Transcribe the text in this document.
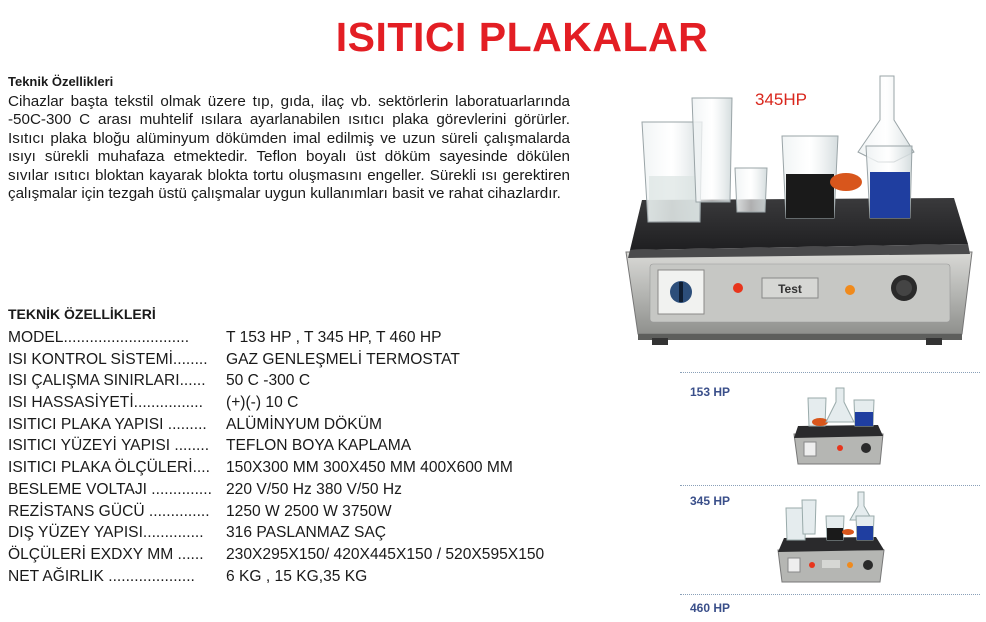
ISITICI PLAKALAR
Teknik Özellikleri

Cihazlar başta tekstil olmak üzere tıp, gıda, ilaç vb. sektörlerin laboratuarlarında -50C-300 C arası muhtelif ısılara ayarlanabilen ısıtıcı plaka görevlerini görürler. Isıtıcı plaka bloğu alüminyum dökümden imal edilmiş ve uzun süreli çalışmalarda ısıyı sürekli muhafaza etmektedir. Teflon boyalı üst döküm sayesinde dökülen sıvılar ısıtıcı bloktan kayarak blokta tortu oluşmasını engeller. Sürekli ısı gerektiren çalışmalar için tezgah üstü çalışmalar uygun kullanımları basit ve rahat cihazlardır.

TEKNİK ÖZELLİKLERİ
MODEL............................. T 153 HP , T 345 HP, T 460 HP
ISI KONTROL SİSTEMİ........ GAZ GENLEŞMELİ TERMOSTAT
ISI ÇALIŞMA SINIRLARI...... 50 C -300 C
ISI HASSASİYETİ................ (+)(-) 10 C
ISITICI PLAKA YAPISI ......... ALÜMİNYUM DÖKÜM
ISITICI YÜZEYİ YAPISI ........ TEFLON BOYA KAPLAMA
ISITICI PLAKA ÖLÇÜLERİ.... 150X300 MM 300X450 MM 400X600 MM
BESLEME VOLTAJI .............. 220 V/50 Hz 380 V/50 Hz
REZİSTANS GÜCÜ .............. 1250 W 2500 W 3750W
DIŞ YÜZEY YAPISI.............. 316 PASLANMAZ SAÇ
ÖLÇÜLERİ EXDXY MM ...... 230X295X150/ 420X445X150 / 520X595X150
NET AĞIRLIK .................... 6 KG , 15 KG,35 KG
Test
345HP
153 HP
345 HP
460 HP
